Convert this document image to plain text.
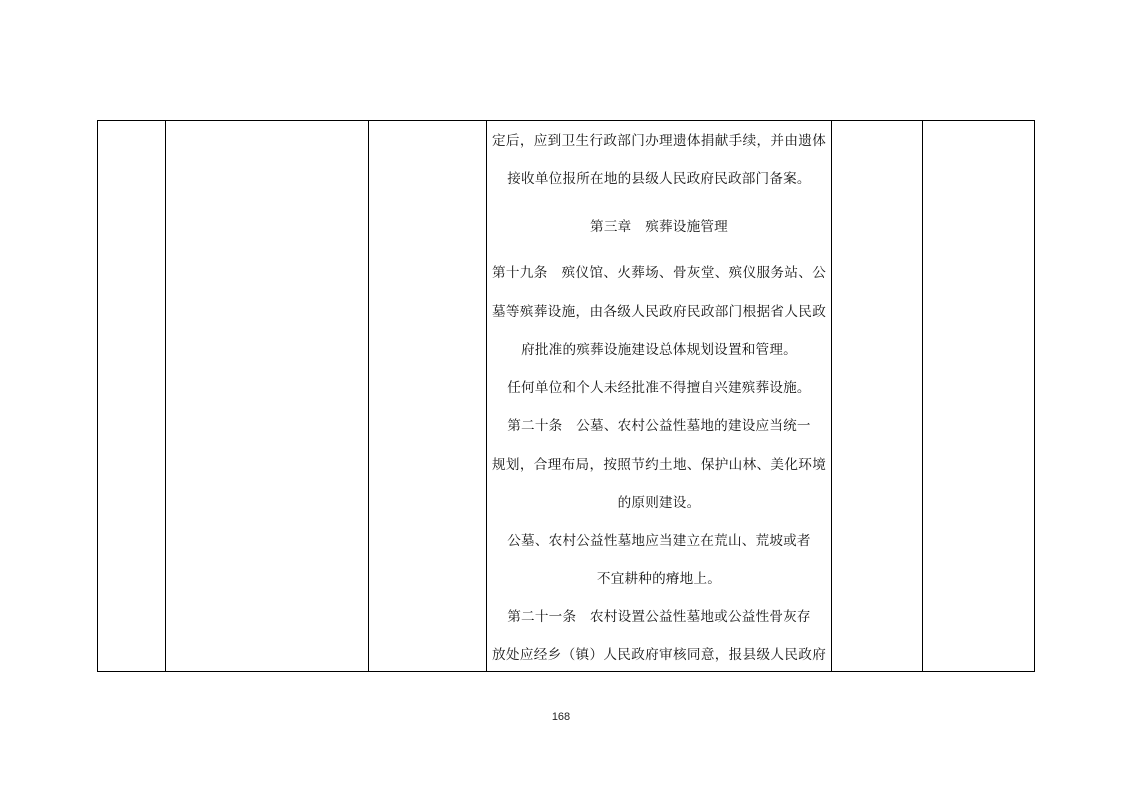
定后，应到卫生行政部门办理遗体捐献手续，并由遗体
接收单位报所在地的县级人民政府民政部门备案。
第三章　殡葬设施管理
第十九条　殡仪馆、火葬场、骨灰堂、殡仪服务站、公
墓等殡葬设施，由各级人民政府民政部门根据省人民政
府批准的殡葬设施建设总体规划设置和管理。
任何单位和个人未经批准不得擅自兴建殡葬设施。
第二十条　公墓、农村公益性墓地的建设应当统一
规划，合理布局，按照节约土地、保护山林、美化环境
的原则建设。
公墓、农村公益性墓地应当建立在荒山、荒坡或者
不宜耕种的瘠地上。
第二十一条　农村设置公益性墓地或公益性骨灰存
放处应经乡（镇）人民政府审核同意，报县级人民政府

168
